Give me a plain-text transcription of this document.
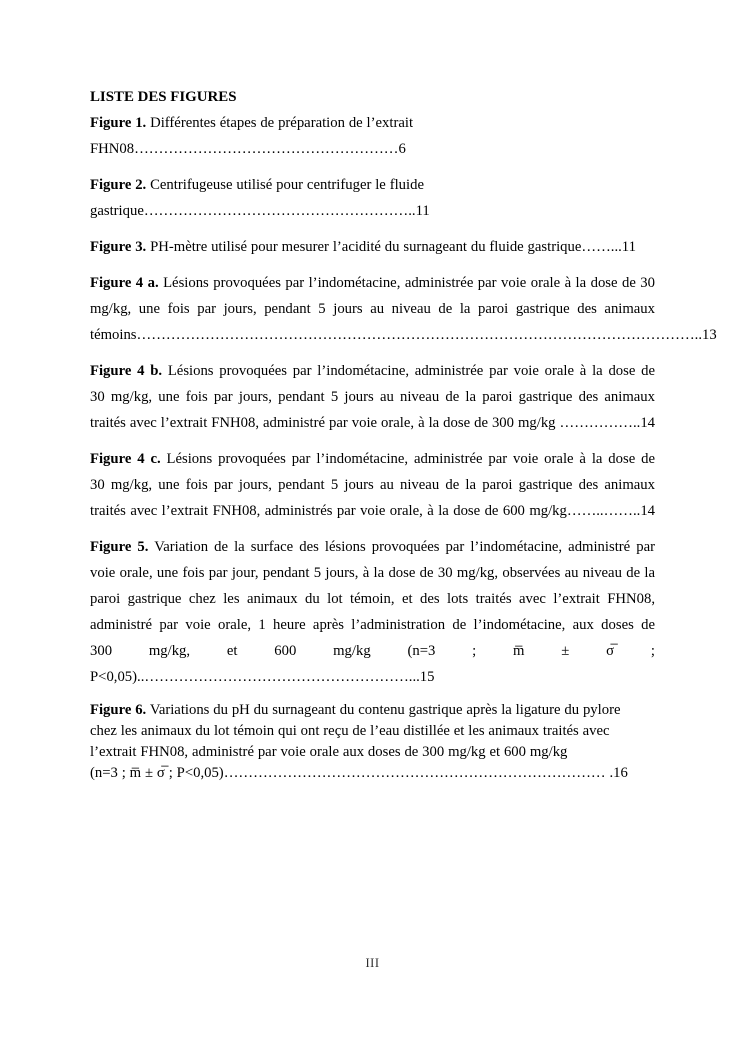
LISTE DES FIGURES

Figure 1. Différentes étapes de préparation de l’extrait FHN08………………………………………………6

Figure 2. Centrifugeuse utilisé pour centrifuger le fluide gastrique………………………………………………..11

Figure 3. PH-mètre utilisé pour mesurer l’acidité du surnageant du fluide gastrique……...11

Figure 4 a. Lésions provoquées par l’indométacine, administrée par voie orale à la dose de 30
mg/kg, une fois par jours, pendant 5 jours au niveau de la paroi gastrique des animaux
témoins……………………………………………………………………………………………………..13

Figure 4 b. Lésions provoquées par l’indométacine, administrée par voie orale à la dose de
30 mg/kg, une fois par jours, pendant 5 jours au niveau de la paroi gastrique des animaux
traités avec l’extrait FNH08, administré par voie orale, à la dose de 300 mg/kg ……………..14

Figure 4 c. Lésions provoquées par l’indométacine, administrée par voie orale à la dose de
30 mg/kg, une fois par jours, pendant 5 jours au niveau de la paroi gastrique des animaux
traités avec l’extrait FNH08, administrés par voie orale, à la dose de 600 mg/kg……..……..14

Figure 5. Variation de la surface des lésions provoquées par l’indométacine, administré par
voie orale, une fois par jour, pendant 5 jours, à la dose de 30 mg/kg, observées au niveau de la
paroi gastrique chez les animaux du lot témoin, et des lots traités avec l’extrait FHN08,
administré par voie orale, 1 heure après l’administration de l’indométacine, aux doses de
300 mg/kg, et 600 mg/kg (n=3 ; m̅ ± σ̅ ; P<0,05)..………………………………………………...15

Figure 6. Variations du pH du surnageant du contenu gastrique après la ligature du pylore
chez les animaux du lot témoin qui ont reçu de l’eau distillée et les animaux traités avec
l’extrait FHN08, administré par voie orale aux doses de 300 mg/kg et 600 mg/kg
(n=3 ; m̅ ± σ̅ ; P<0,05)…………………………………………………………………… .16

III
